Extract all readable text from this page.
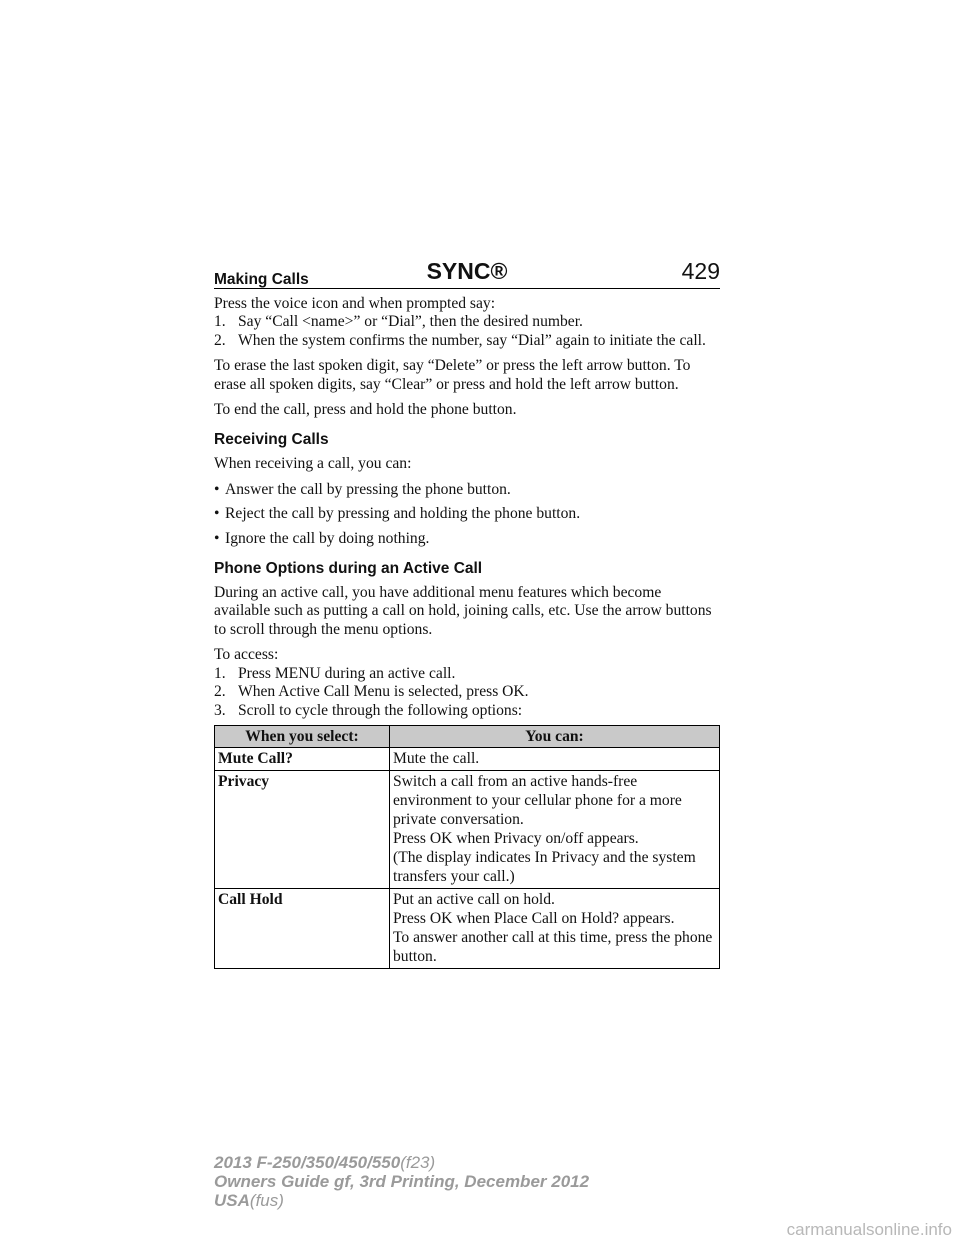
SYNC®	429
Making Calls

Press the voice icon and when prompted say:

1. Say “Call <name>” or “Dial”, then the desired number.
2. When the system confirms the number, say “Dial” again to initiate the call.

To erase the last spoken digit, say “Delete” or press the left arrow button. To erase all spoken digits, say “Clear” or press and hold the left arrow button.

To end the call, press and hold the phone button.

Receiving Calls

When receiving a call, you can:

• Answer the call by pressing the phone button.
• Reject the call by pressing and holding the phone button.
• Ignore the call by doing nothing.
Phone Options during an Active Call

During an active call, you have additional menu features which become available such as putting a call on hold, joining calls, etc. Use the arrow buttons to scroll through the menu options.

To access:

1. Press MENU during an active call.
2. When Active Call Menu is selected, press OK.
3. Scroll to cycle through the following options:
When you select:	You can:
Mute Call?	Mute the call.

Privacy	Switch a call from an active hands-free environment to your cellular phone for a more private conversation.
Press OK when Privacy on/off appears.
(The display indicates In Privacy and the system transfers your call.)

Call Hold	Put an active call on hold.
Press OK when Place Call on Hold? appears.
To answer another call at this time, press the phone button.
2013 F-250/350/450/550(f23)
Owners Guide gf, 3rd Printing, December 2012
USA(fus)
carmanualsonline.info
